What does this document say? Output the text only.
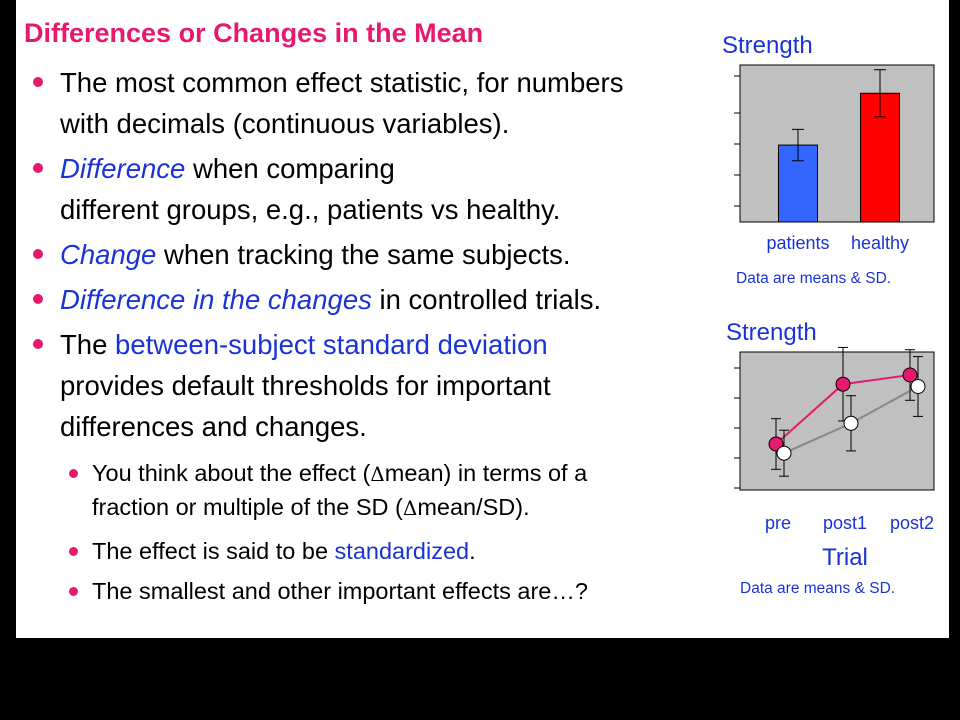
Differences or Changes in the Mean
The most common effect statistic, for numbers
with decimals (continuous variables).
Difference when comparing
different groups, e.g., patients vs healthy.
Change when tracking the same subjects.
Difference in the changes in controlled trials.
The between-subject standard deviation
provides default thresholds for important
differences and changes.
You think about the effect (Δmean) in terms of a
fraction or multiple of the SD (Δmean/SD).
The effect is said to be standardized.
The smallest and other important effects are…?
Strength
Data are means & SD.
patients healthy
Strength
Trial
Data are means & SD.
pre post1 post2
